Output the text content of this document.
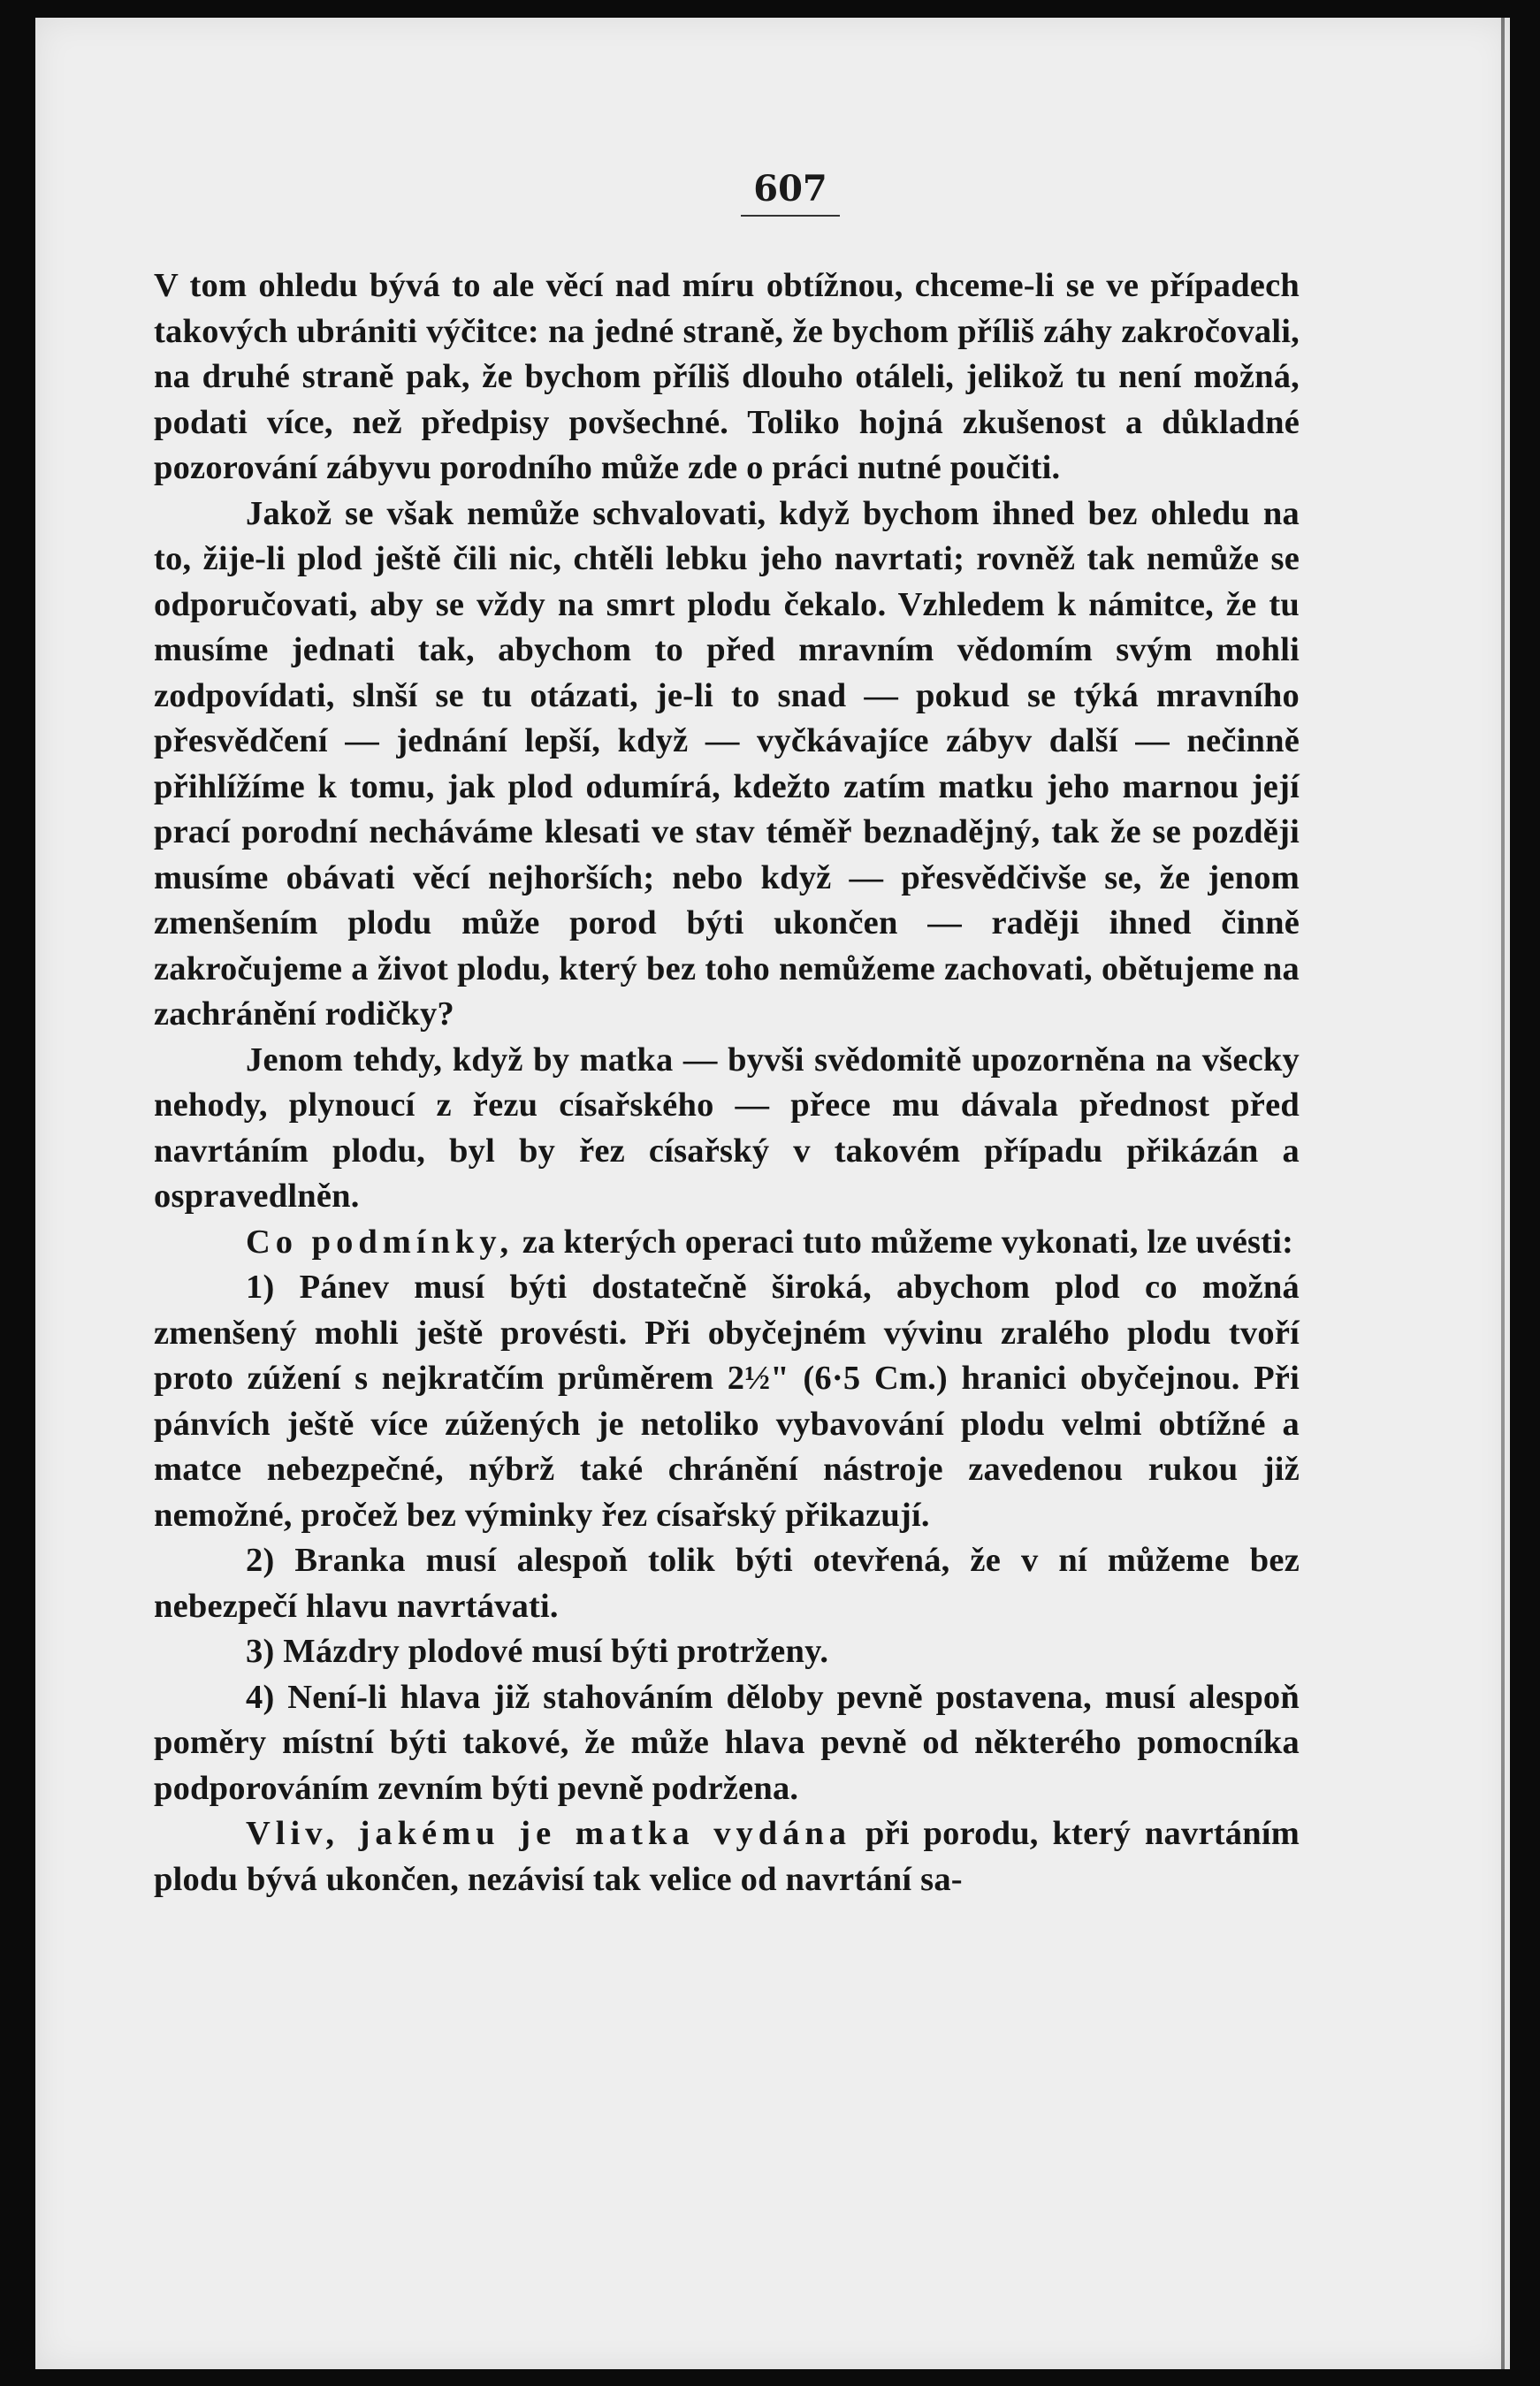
607

V tom ohledu bývá to ale věcí nad míru obtížnou, chceme-li se ve případech takových ubrániti výčitce: na jedné straně, že bychom příliš záhy zakročovali, na druhé straně pak, že bychom příliš dlouho otáleli, jelikož tu není možná, podati více, než předpisy povšechné. Toliko hojná zkušenost a důkladné pozorování zábyvu porodního může zde o práci nutné poučiti.

Jakož se však nemůže schvalovati, když bychom ihned bez ohledu na to, žije-li plod ještě čili nic, chtěli lebku jeho navrtati; rovněž tak nemůže se odporučovati, aby se vždy na smrt plodu čekalo. Vzhledem k námitce, že tu musíme jednati tak, abychom to před mravním vědomím svým mohli zodpovídati, slnší se tu otázati, je-li to snad — pokud se týká mravního přesvědčení — jednání lepší, když — vyčkávajíce zábyv další — nečinně přihlížíme k tomu, jak plod odumírá, kdežto zatím matku jeho marnou její prací porodní necháváme klesati ve stav téměř beznadějný, tak že se později musíme obávati věcí nejhorších; nebo když — přesvědčivše se, že jenom zmenšením plodu může porod býti ukončen — raději ihned činně zakročujeme a život plodu, který bez toho nemůžeme zachovati, obětujeme na zachránění rodičky?

Jenom tehdy, když by matka — byvši svědomitě upozorněna na všecky nehody, plynoucí z řezu císařského — přece mu dávala přednost před navrtáním plodu, byl by řez císařský v takovém případu přikázán a ospravedlněn.

Co podmínky, za kterých operaci tuto můžeme vykonati, lze uvésti:

1) Pánev musí býti dostatečně široká, abychom plod co možná zmenšený mohli ještě provésti. Při obyčejném vývinu zralého plodu tvoří proto zúžení s nejkratčím průměrem 2½" (6·5 Cm.) hranici obyčejnou. Při pánvích ještě více zúžených je netoliko vybavování plodu velmi obtížné a matce nebezpečné, nýbrž také chránění nástroje zavedenou rukou již nemožné, pročež bez výminky řez císařský přikazují.

2) Branka musí alespoň tolik býti otevřená, že v ní můžeme bez nebezpečí hlavu navrtávati.

3) Mázdry plodové musí býti protrženy.

4) Není-li hlava již stahováním děloby pevně postavena, musí alespoň poměry místní býti takové, že může hlava pevně od některého pomocníka podporováním zevním býti pevně podržena.

Vliv, jakému je matka vydána při porodu, který navrtáním plodu bývá ukončen, nezávisí tak velice od navrtání sa-
